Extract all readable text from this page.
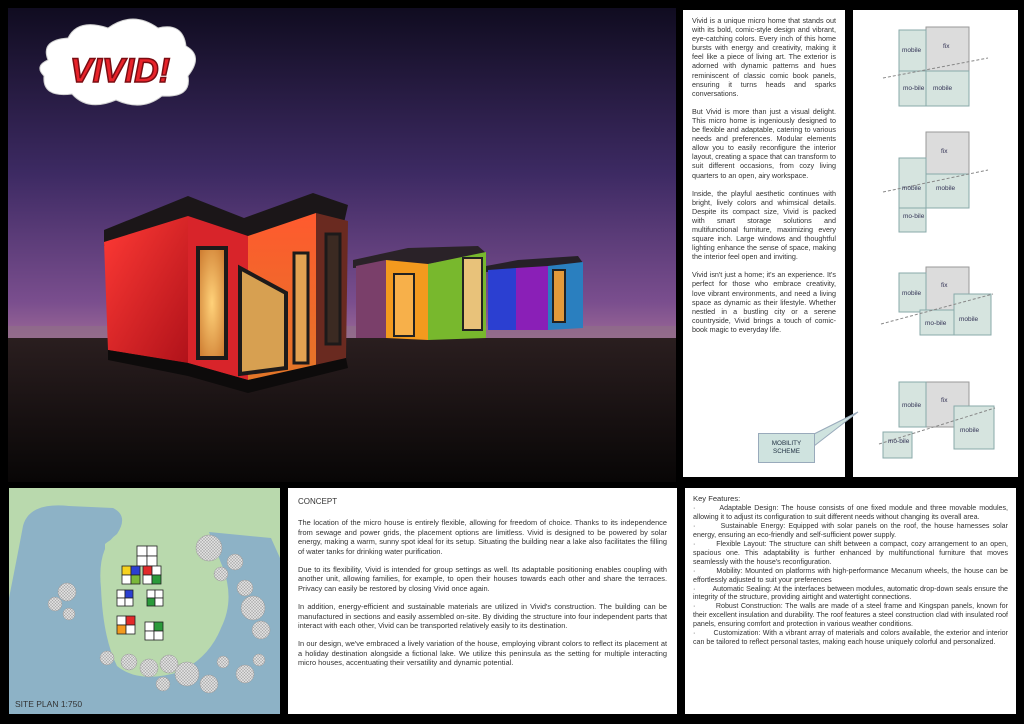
VIVID!

Vivid is a unique micro home that stands out with its bold, comic-style design and vibrant, eye-catching colors. Every inch of this home bursts with energy and creativity, making it feel like a piece of living art. The exterior is adorned with dynamic patterns and hues reminiscent of classic comic book panels, ensuring it turns heads and sparks conversations.

But Vivid is more than just a visual delight. This micro home is ingeniously designed to be flexible and adaptable, catering to various needs and preferences. Modular elements allow you to easily reconfigure the interior layout, creating a space that can transform to suit different occasions, from cozy living quarters to an open, airy workspace.

Inside, the playful aesthetic continues with bright, lively colors and whimsical details. Despite its compact size, Vivid is packed with smart storage solutions and multifunctional furniture, maximizing every square inch. Large windows and thoughtful lighting enhance the sense of space, making the interior feel open and inviting.

Vivid isn't just a home; it's an experience. It's perfect for those who embrace creativity, love vibrant environments, and need a living space as dynamic as their lifestyle. Whether nestled in a bustling city or a serene countryside, Vivid brings a touch of comic-book magic to everyday life.

fix
mobile
mo-bile mobile
fix
mobile
mo-bile
mobile
fix
mobile
mo-bile
mobile
fix
mobile
mo-bile
mobile
MOBILITY SCHEME
SITE PLAN 1:750

CONCEPT

The location of the micro house is entirely flexible, allowing for freedom of choice. Thanks to its independence from sewage and power grids, the placement options are limitless. Vivid is designed to be powered by solar energy, making a warm, sunny spot ideal for its setup. Situating the building near a lake also facilitates the filling of water tanks for drinking water purification.

Due to its flexibility, Vivid is intended for group settings as well. Its adaptable positioning enables coupling with another unit, allowing families, for example, to open their houses towards each other and share the terraces. Privacy can easily be restored by closing Vivid once again.

In addition, energy-efficient and sustainable materials are utilized in Vivid's construction. The building can be manufactured in sections and easily assembled on-site. By dividing the structure into four independent parts that interact with each other, Vivid can be transported relatively easily to its destination.

In our design, we've embraced a lively variation of the house, employing vibrant colors to reflect its placement at a holiday destination alongside a fictional lake. We utilize this peninsula as the setting for multiple interacting micro houses, accentuating their versatility and dynamic potential.

Key Features:
·        Adaptable Design: The house consists of one fixed module and three movable modules, allowing it to adjust its configuration to suit different needs without changing its overall area.
·        Sustainable Energy: Equipped with solar panels on the roof, the house harnesses solar energy, ensuring an eco-friendly and self-sufficient power supply.
·        Flexible Layout: The structure can shift between a compact, cozy arrangement to an open, spacious one. This adaptability is further enhanced by multifunctional furniture that moves seamlessly with the house's reconfiguration.
·        Mobility: Mounted on platforms with high-performance Mecanum wheels, the house can be effortlessly adjusted to suit your preferences
·        Automatic Sealing: At the interfaces between modules, automatic drop-down seals ensure the integrity of the structure, providing airtight and watertight connections.
·        Robust Construction: The walls are made of a steel frame and Kingspan panels, known for their excellent insulation and durability. The roof features a steel construction clad with insulated roof panels, ensuring comfort and protection in various weather conditions.
·        Customization: With a vibrant array of materials and colors available, the exterior and interior can be tailored to reflect personal tastes, making each house uniquely colorful and personalized.
